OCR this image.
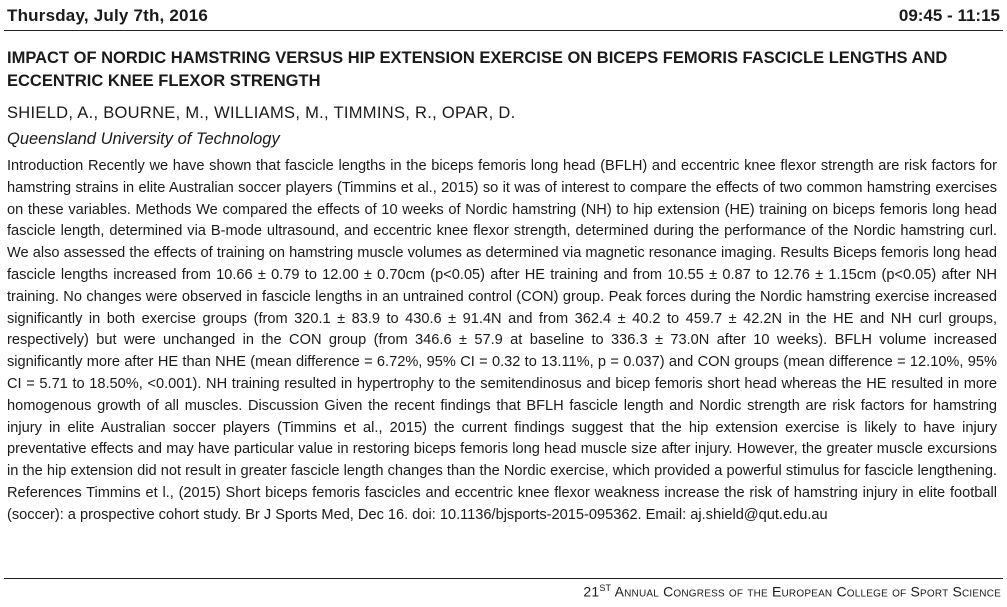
Thursday, July 7th, 2016	09:45 - 11:15
IMPACT OF NORDIC HAMSTRING VERSUS HIP EXTENSION EXERCISE ON BICEPS FEMORIS FASCICLE LENGTHS AND ECCENTRIC KNEE FLEXOR STRENGTH
SHIELD, A., BOURNE, M., WILLIAMS, M., TIMMINS, R., OPAR, D.
Queensland University of Technology

Introduction Recently we have shown that fascicle lengths in the biceps femoris long head (BFLH) and eccentric knee flexor strength are risk factors for hamstring strains in elite Australian soccer players (Timmins et al., 2015) so it was of interest to compare the effects of two common hamstring exercises on these variables. Methods We compared the effects of 10 weeks of Nordic hamstring (NH) to hip extension (HE) training on biceps femoris long head fascicle length, determined via B-mode ultrasound, and eccentric knee flexor strength, determined during the performance of the Nordic hamstring curl. We also assessed the effects of training on hamstring muscle volumes as determined via magnetic resonance imaging. Results Biceps femoris long head fascicle lengths increased from 10.66 ± 0.79 to 12.00 ± 0.70cm (p<0.05) after HE training and from 10.55 ± 0.87 to 12.76 ± 1.15cm (p<0.05) after NH training. No changes were observed in fascicle lengths in an untrained control (CON) group. Peak forces during the Nordic hamstring exercise increased significantly in both exercise groups (from 320.1 ± 83.9 to 430.6 ± 91.4N and from 362.4 ± 40.2 to 459.7 ± 42.2N in the HE and NH curl groups, respectively) but were unchanged in the CON group (from 346.6 ± 57.9 at baseline to 336.3 ± 73.0N after 10 weeks). BFLH volume increased significantly more after HE than NHE (mean difference = 6.72%, 95% CI = 0.32 to 13.11%, p = 0.037) and CON groups (mean difference = 12.10%, 95% CI = 5.71 to 18.50%, <0.001). NH training resulted in hypertrophy to the semitendinosus and bicep femoris short head whereas the HE resulted in more homogenous growth of all muscles. Discussion Given the recent findings that BFLH fascicle length and Nordic strength are risk factors for hamstring injury in elite Australian soccer players (Timmins et al., 2015) the current findings suggest that the hip extension exercise is likely to have injury preventative effects and may have particular value in restoring biceps femoris long head muscle size after injury. However, the greater muscle excursions in the hip extension did not result in greater fascicle length changes than the Nordic exercise, which provided a powerful stimulus for fascicle lengthening. References Timmins et l., (2015) Short biceps femoris fascicles and eccentric knee flexor weakness increase the risk of hamstring injury in elite football (soccer): a prospective cohort study. Br J Sports Med, Dec 16. doi: 10.1136/bjsports-2015-095362. Email: aj.shield@qut.edu.au

21ST Annual Congress of the European College of Sport Science
